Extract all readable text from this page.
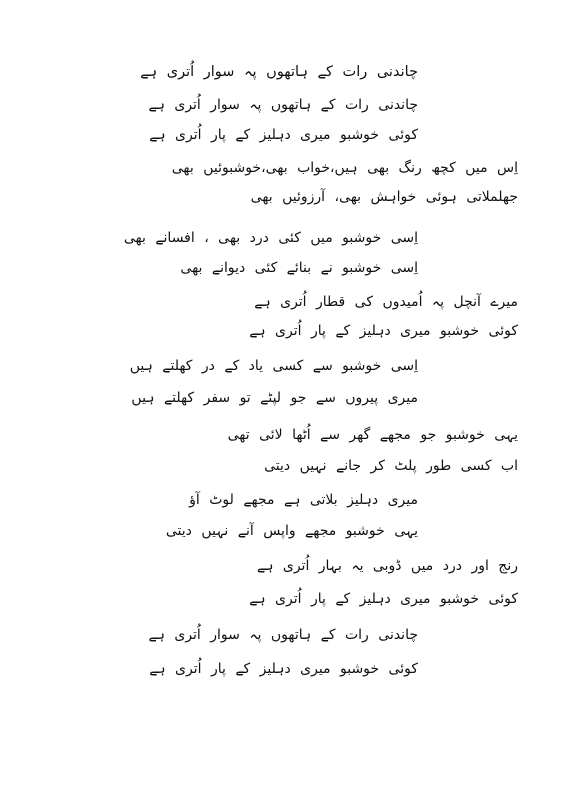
چاندنی رات کے ہاتھوں پہ سوار اُتری ہے
چاندنی رات کے ہاتھوں پہ سوار اُتری ہے
کوئی خوشبو میری دہلیز کے پار اُتری ہے
اِس میں کچھ رنگ بھی ہیں،خواب بھی،خوشبوئیں بھی
جھلملاتی ہوئی خواہش بھی، آرزوئیں بھی
اِسی خوشبو میں کئی درد بھی ، افسانے بھی
اِسی خوشبو نے بنائے کئی دیوانے بھی
میرے آنچل پہ اُمیدوں کی قطار اُتری ہے
کوئی خوشبو میری دہلیز کے پار اُتری ہے
اِسی خوشبو سے کسی یاد کے در کھلتے ہیں
میری پیروں سے جو لپٹے تو سفر کھلتے ہیں
یہی خوشبو جو مجھے گھر سے اُٹھا لائی تھی
اب کسی طور پلٹ کر جانے نہیں دیتی
میری دہلیز بلاتی ہے مجھے لوٹ آؤ
یہی خوشبو مجھے واپس آنے نہیں دیتی
رنج اور درد میں ڈوبی یہ بہار اُتری ہے
کوئی خوشبو میری دہلیز کے پار اُتری ہے
چاندنی رات کے ہاتھوں پہ سوار اُتری ہے
کوئی خوشبو میری دہلیز کے پار اُتری ہے
